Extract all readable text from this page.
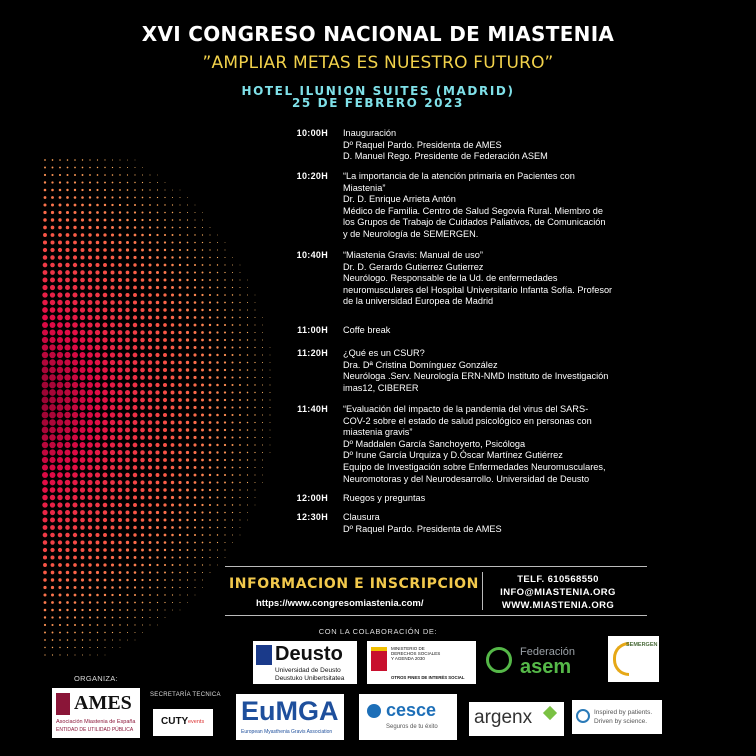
XVI CONGRESO NACIONAL DE MIASTENIA
”AMPLIAR METAS ES NUESTRO FUTURO”
HOTEL ILUNION SUITES (MADRID)
25 DE FEBRERO 2023
10:00H Inauguración
Dº Raquel Pardo. Presidenta de AMES
D. Manuel Rego. Presidente de Federación ASEM
10:20H “La importancia de la atención primaria en Pacientes con
Miastenia”
Dr. D. Enrique Arrieta Antón
Médico de Familia. Centro de Salud Segovia Rural. Miembro de
los Grupos de Trabajo de Cuidados Paliativos, de Comunicación
y de Neurología de SEMERGEN.
10:40H “Miastenia Gravis: Manual de uso”
Dr. D. Gerardo Gutierrez Gutierrez
Neurólogo. Responsable de la Ud. de enfermedades
neuromusculares del Hospital Universitario Infanta Sofía. Profesor
de la universidad Europea de Madrid
11:00H Coffe break
11:20H ¿Qué es un CSUR?
Dra. Dª Cristina Domínguez González
Neuróloga .Serv. Neurología ERN-NMD Instituto de Investigación
imas12, CIBERER
11:40H “Evaluación del impacto de la pandemia del virus del SARS-
COV-2 sobre el estado de salud psicológico en personas con
miastenia gravis”
Dº Maddalen García Sanchoyerto, Psicóloga
Dº Irune García Urquiza y D.Óscar Martínez Gutiérrez
Equipo de Investigación sobre Enfermedades Neuromusculares,
Neuromotoras y del Neurodesarrollo. Universidad de Deusto
12:00H Ruegos y preguntas
12:30H Clausura
Dº Raquel Pardo. Presidenta de AMES
INFORMACION E INSCRIPCION
https://www.congresomiastenia.com/
TELF. 610568550
INFO@MIASTENIA.ORG
WWW.MIASTENIA.ORG
CON LA COLABORACIÓN DE:
ORGANIZA:
SECRETARÍA TECNICA
Deusto
Universidad de Deusto
Deustuko Unibertsitatea
MINISTERIO DE DERECHOS SOCIALES Y AGENDA 2030
OTROS FINES DE INTERÉS SOCIAL
Federación
asem
SEMERGEN
AMES
Asociación Miastenia de España
ENTIDAD DE UTILIDAD PÚBLICA
CUTY events EuMGA
European Myasthenia Gravis Association
cesce
Seguros de tu éxito argenx	Inspired by patients.
Driven by science.
